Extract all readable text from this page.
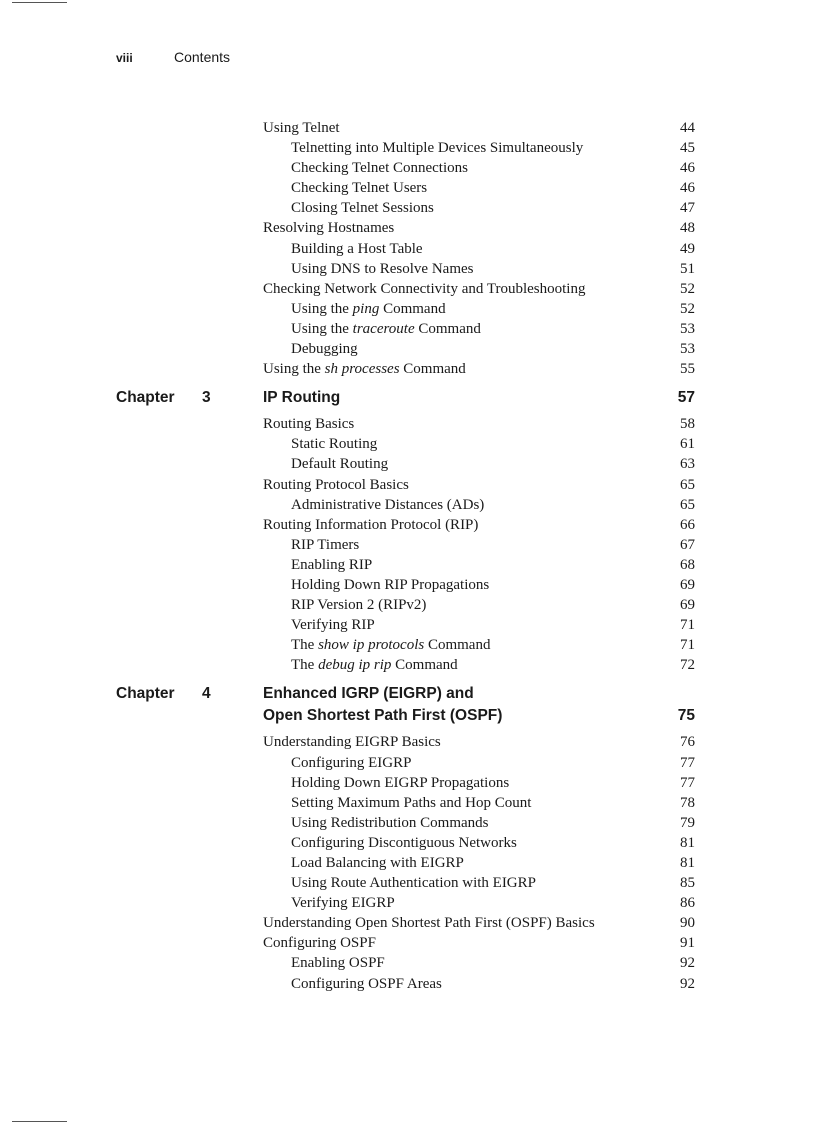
viii	Contents
Using Telnet	44
Telnetting into Multiple Devices Simultaneously	45
Checking Telnet Connections	46
Checking Telnet Users	46
Closing Telnet Sessions	47
Resolving Hostnames	48
Building a Host Table	49
Using DNS to Resolve Names	51
Checking Network Connectivity and Troubleshooting	52
Using the ping Command	52
Using the traceroute Command	53
Debugging	53
Using the sh processes Command	55
Chapter 3	IP Routing	57
Routing Basics	58
Static Routing	61
Default Routing	63
Routing Protocol Basics	65
Administrative Distances (ADs)	65
Routing Information Protocol (RIP)	66
RIP Timers	67
Enabling RIP	68
Holding Down RIP Propagations	69
RIP Version 2 (RIPv2)	69
Verifying RIP	71
The show ip protocols Command	71
The debug ip rip Command	72
Chapter 4	Enhanced IGRP (EIGRP) and
Open Shortest Path First (OSPF)	75
Understanding EIGRP Basics	76
Configuring EIGRP	77
Holding Down EIGRP Propagations	77
Setting Maximum Paths and Hop Count	78
Using Redistribution Commands	79
Configuring Discontiguous Networks	81
Load Balancing with EIGRP	81
Using Route Authentication with EIGRP	85
Verifying EIGRP	86
Understanding Open Shortest Path First (OSPF) Basics	90
Configuring OSPF	91
Enabling OSPF	92
Configuring OSPF Areas	92
